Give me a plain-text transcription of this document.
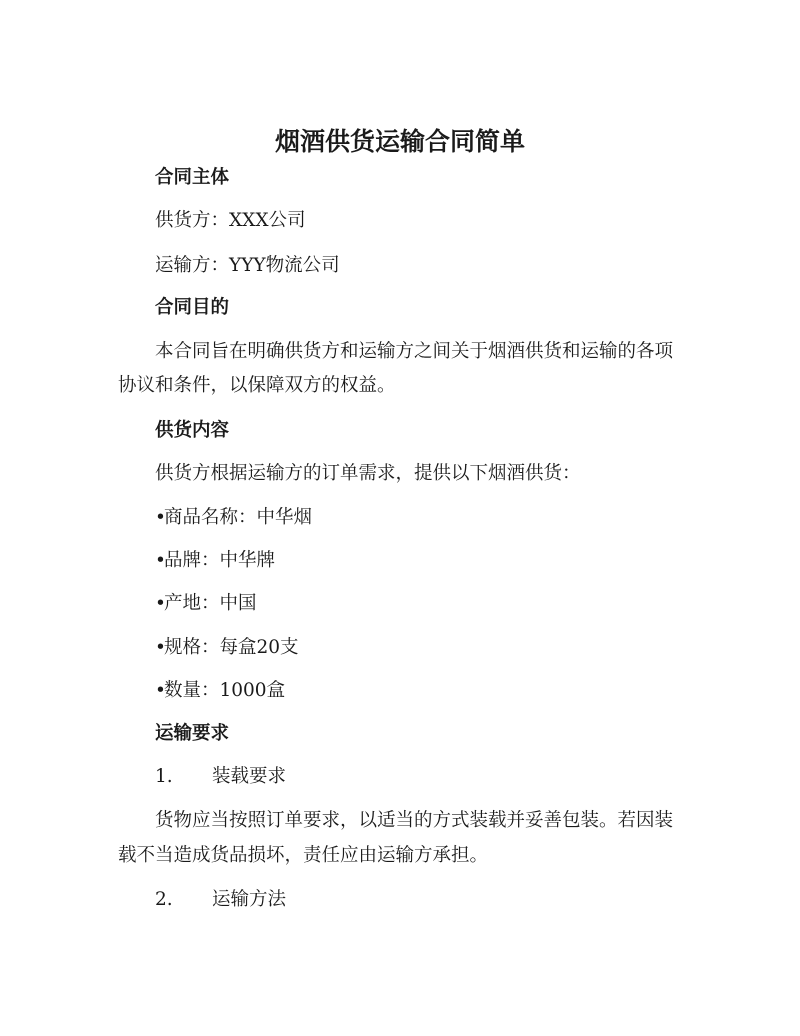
烟酒供货运输合同简单
合同主体

供货方：XXX公司

运输方：YYY物流公司

合同目的

本合同旨在明确供货方和运输方之间关于烟酒供货和运输的各项

协议和条件，以保障双方的权益。

供货内容

供货方根据运输方的订单需求，提供以下烟酒供货：

•商品名称：中华烟

•品牌：中华牌

•产地：中国

•规格：每盒20支

•数量：1000盒

运输要求

1. 装载要求

货物应当按照订单要求，以适当的方式装载并妥善包装。若因装

载不当造成货品损坏，责任应由运输方承担。

2. 运输方法
